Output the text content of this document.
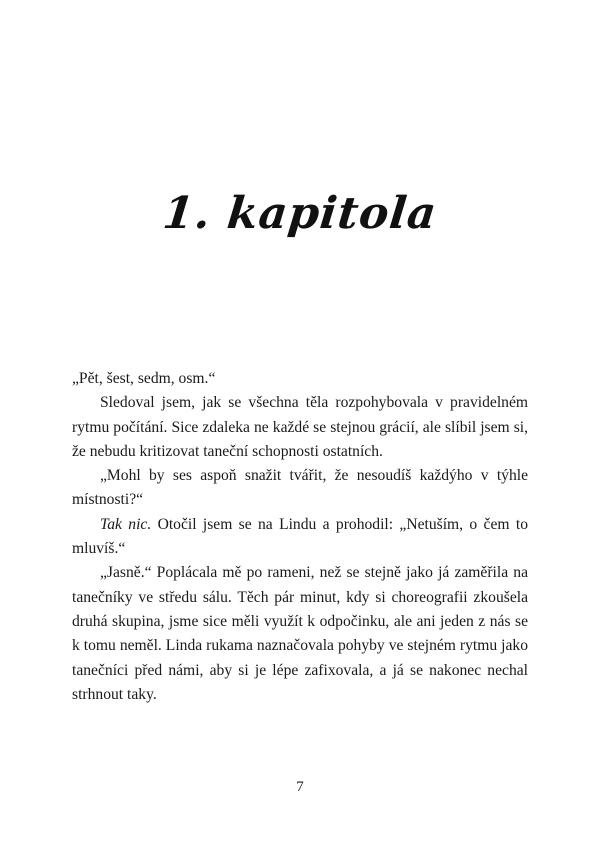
1. kapitola

„Pět, šest, sedm, osm.“

Sledoval jsem, jak se všechna těla rozpohybovala v pravidelném rytmu počítání. Sice zdaleka ne každé se stejnou grácií, ale slíbil jsem si, že nebudu kritizovat taneční schopnosti ostatních.

„Mohl by ses aspoň snažit tvářit, že nesoudíš každýho v týhle místnosti?“

Tak nic. Otočil jsem se na Lindu a prohodil: „Netuším, o čem to mluvíš.“

„Jasně.“ Poplácala mě po rameni, než se stejně jako já zaměřila na tanečníky ve středu sálu. Těch pár minut, kdy si choreografii zkoušela druhá skupina, jsme sice měli využít k odpočinku, ale ani jeden z nás se k tomu neměl. Linda rukama naznačovala pohyby ve stejném rytmu jako tanečníci před námi, aby si je lépe zafixovala, a já se nakonec nechal strhnout taky.

7
